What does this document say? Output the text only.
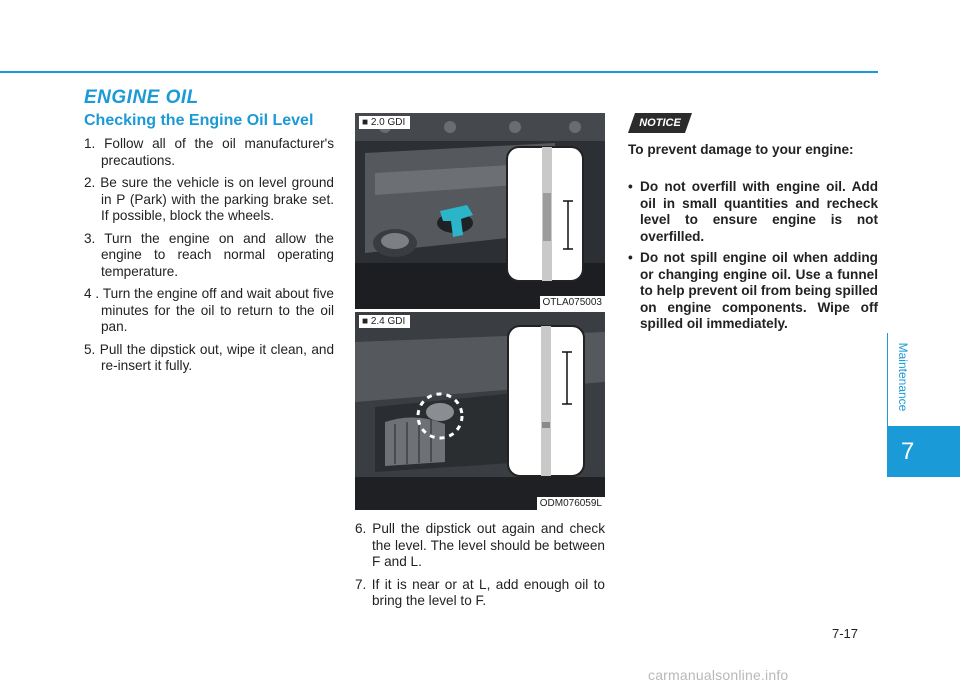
ENGINE OIL
Checking the Engine Oil Level
1. Follow all of the oil manufacturer's precautions.
2. Be sure the vehicle is on level ground in P (Park) with the parking brake set. If possible, block the wheels.
3. Turn the engine on and allow the engine to reach normal operating temperature.
4 . Turn the engine off and wait about five minutes for the oil to return to the oil pan.
5. Pull the dipstick out, wipe it clean, and re-insert it fully.
■ 2.0 GDI
OTLA075003
■ 2.4 GDI
ODM076059L
6. Pull the dipstick out again and check the level. The level should be between F and L.
7. If it is near or at L, add enough oil to bring the level to F.
NOTICE
To prevent damage to your engine:
• Do not overfill with engine oil. Add oil in small quantities and recheck level to ensure engine is not overfilled.
• Do not spill engine oil when adding or changing engine oil. Use a funnel to help prevent oil from being spilled on engine components. Wipe off spilled oil immediately.
Maintenance
7
7-17
carmanualsonline.info
